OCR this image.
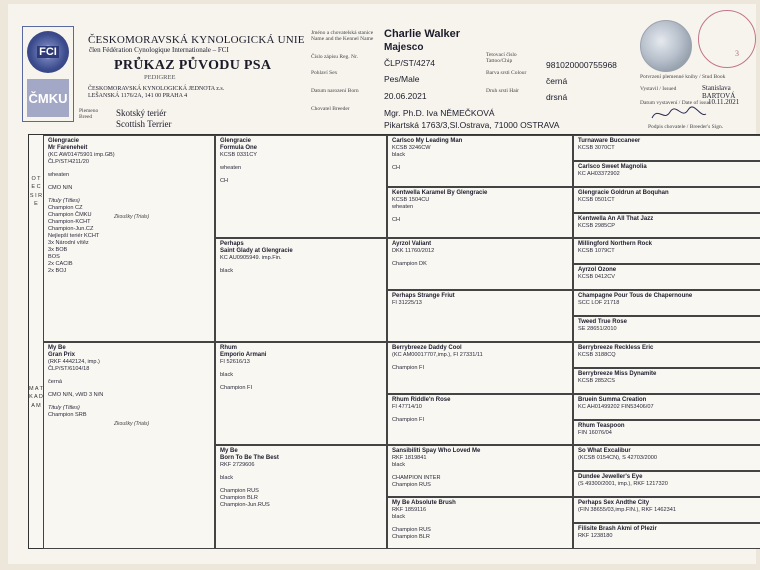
FCI
ČMKU
ČESKOMORAVSKÁ KYNOLOGICKÁ UNIE
člen Fédération Cynologique Internationale – FCI
PRŮKAZ PŮVODU PSA
PEDIGREE
ČESKOMORAVSKÁ KYNOLOGICKÁ JEDNOTA z.s.
LEŠANSKÁ 1176/2A, 141 00 PRAHA 4
Plemeno Breed	Skotský teriér
Scottish Terrier
Jméno a chovatelská stanice Name and the Kennel Name
Číslo zápisu Reg. Nr.
Pohlaví Sex
Datum narození Born
Chovatel Breeder
Charlie Walker
Majesco
ČLP/ST/4274
Pes/Male
20.06.2021
Mgr. Ph.D. Iva NĚMEČKOVÁ
Pikartská 1763/3,Sl.Ostrava, 71000 OSTRAVA
Tetovací číslo Tattoo/Chip
Barva srsti Colour
Druh srsti Hair
981020000755968
černá
drsná
3
Potvrzení plemenné knihy / Stud Book
Vystavil / Issued	Stanislava BARTOVÁ
Datum vystavení / Date of issue
10.11.2021
Podpis chovatele / Breeder's Sign.
O T E C S I R E
M A T K A D A M
Glengracie
Mr Fareneheit
(KC AW01475901 imp.GB)
ČLP/ST/4211/20
wheaten
CMO N/N
Tituly (Titles)
Zkoušky (Trials)
Champion CZ
Champion ČMKU
Champion-KCHT
Champion-Jun.CZ
Nejlepší teriér KCHT
3x Národní vítěz
3x BOB
BOS
2x CACIB
2x BOJ
My Be
Gran Prix
(RKF 4442124, imp.)
ČLP/ST/6104/18
černá
CMO N/N, vWD 3 N/N
Tituly (Titles)
Zkoušky (Trials)
Champion SRB
Glengracie
Formula One
KCSB 0331CY
wheaten
CH
Perhaps
Saint Glady at Glengracie
KC AU0905949. imp.Fin.
black
Rhum
Emporio Armani
FI 52616/13
black
Champion FI
My Be
Born To Be The Best
RKF 2729606
black
Champion RUS
Champion BLR
Champion-Jun.RUS
Carlsco My Leading Man
KCSB 3246CW
black
CH
Kentwella Karamel By Glengracie
KCSB 1504CU
wheaten
CH
Ayrzol Valiant
DKK 11760/2012
Champion DK
Perhaps Strange Friut
FI 31225/13
Berrybreeze Daddy Cool
(KC AM00017707,imp.), FI 27331/11
Champion FI
Rhum Riddle'n Rose
FI 47714/10
Champion FI
Sansibiliti Spay Who Loved Me
RKF 1819841
black
CHAMPION INTER
Champion RUS
My Be Absolute Brush
RKF 1859116
black
Champion RUS
Champion BLR
Turnaware Buccaneer
KCSB 3070CT
Carlsco Sweet Magnolia
KC AH03372902
Glengracie Goldrun at Boquhan
KCSB 0501CT
Kentwella An All That Jazz
KCSB 2985CP
Millingford Northern Rock
KCSB 1079CT
Ayrzol Ozone
KCSB 0412CV
Champagne Pour Tous de Chapernoune
SCC LOF 21718
Tweed True Rose
SE 28651/2010
Berrybreeze Reckless Eric
KCSB 3188CQ
Berrybreeze Miss Dynamite
KCSB 2852CS
Bruein Summa Creation
KC AH01499202 FIN53406/07
Rhum Teaspoon
FIN 16076/04
So What Excalibur
(KCSB 0154CN), S 42703/2000
Dundee Jeweller's Eye
(S 49300/2001, imp.), RKF 1217320
Perhaps Sex Andthe City
(FIN 38655/03,imp.FIN.), RKF 1462341
Filisite Brash Akmi of Plezir
RKF 1238180
